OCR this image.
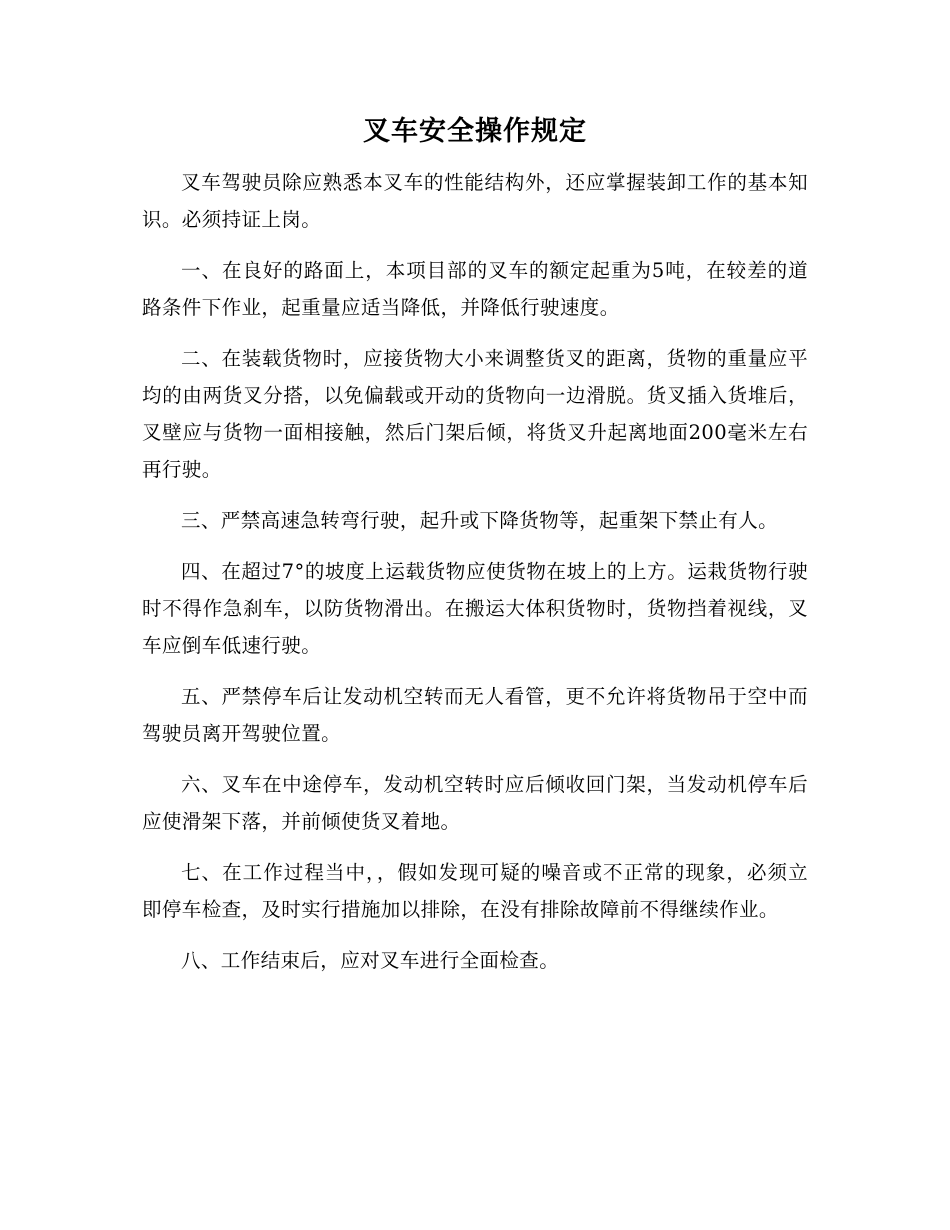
叉车安全操作规定

叉车驾驶员除应熟悉本叉车的性能结构外，还应掌握装卸工作的基本知识。必须持证上岗。

一、在良好的路面上，本项目部的叉车的额定起重为5吨，在较差的道路条件下作业，起重量应适当降低，并降低行驶速度。

二、在装载货物时，应接货物大小来调整货叉的距离，货物的重量应平均的由两货叉分搭，以免偏载或开动的货物向一边滑脱。货叉插入货堆后，叉壁应与货物一面相接触，然后门架后倾，将货叉升起离地面200毫米左右再行驶。

三、严禁高速急转弯行驶，起升或下降货物等，起重架下禁止有人。

四、在超过7°的坡度上运载货物应使货物在坡上的上方。运栽货物行驶时不得作急刹车，以防货物滑出。在搬运大体积货物时，货物挡着视线，叉车应倒车低速行驶。

五、严禁停车后让发动机空转而无人看管，更不允许将货物吊于空中而驾驶员离开驾驶位置。

六、叉车在中途停车，发动机空转时应后倾收回门架，当发动机停车后应使滑架下落，并前倾使货叉着地。

七、在工作过程当中，，假如发现可疑的噪音或不正常的现象，必须立即停车检查，及时实行措施加以排除，在没有排除故障前不得继续作业。

八、工作结束后，应对叉车进行全面检查。
